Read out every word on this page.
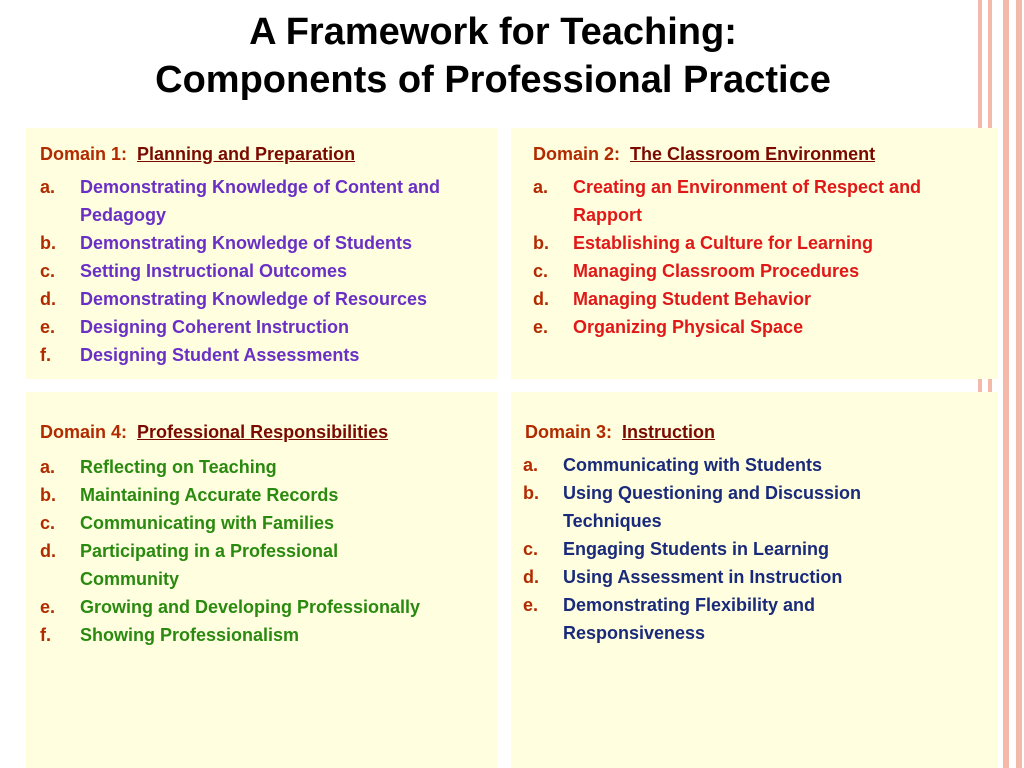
A Framework for Teaching:
Components of Professional Practice
Domain 1: Planning and Preparation
a. Demonstrating Knowledge of Content and Pedagogy
b. Demonstrating Knowledge of Students
c. Setting Instructional Outcomes
d. Demonstrating Knowledge of Resources
e. Designing Coherent Instruction
f. Designing Student Assessments
Domain 2: The Classroom Environment
a. Creating an Environment of Respect and Rapport
b. Establishing a Culture for Learning
c. Managing Classroom Procedures
d. Managing Student Behavior
e. Organizing Physical Space
Domain 4: Professional Responsibilities
a. Reflecting on Teaching
b. Maintaining Accurate Records
c. Communicating with Families
d. Participating in a Professional Community
e. Growing and Developing Professionally
f. Showing Professionalism
Domain 3: Instruction
a. Communicating with Students
b. Using Questioning and Discussion Techniques
c. Engaging Students in Learning
d. Using Assessment in Instruction
e. Demonstrating Flexibility and Responsiveness
